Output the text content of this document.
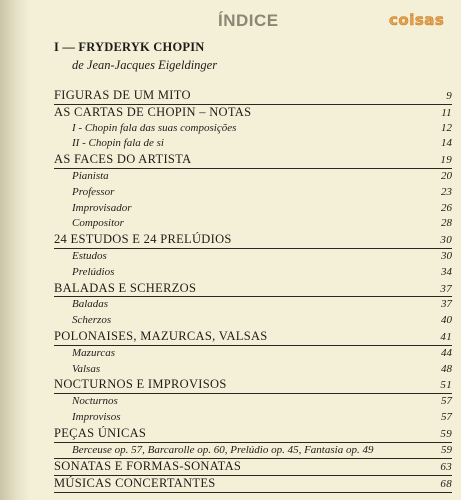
ÍNDICE	coisas
I — FRYDERYK CHOPIN
de Jean-Jacques Eigeldinger
FIGURAS DE UM MITO	9
AS CARTAS DE CHOPIN – NOTAS	11
I - Chopin fala das suas composições	12
II - Chopin fala de si	14
AS FACES DO ARTISTA	19
Pianista	20
Professor	23
Improvisador	26
Compositor	28
24 ESTUDOS E 24 PRELÚDIOS	30
Estudos	30
Prelúdios	34
BALADAS E SCHERZOS	37
Baladas	37
Scherzos	40
POLONAISES, MAZURCAS, VALSAS	41
Mazurcas	44
Valsas	48
NOCTURNOS E IMPROVISOS	51
Nocturnos	57
Improvisos	57
PEÇAS ÚNICAS	59
Berceuse op. 57, Barcarolle op. 60, Prelúdio op. 45, Fantasia op. 49	59
SONATAS E FORMAS-SONATAS	63
MÚSICAS CONCERTANTES	68
